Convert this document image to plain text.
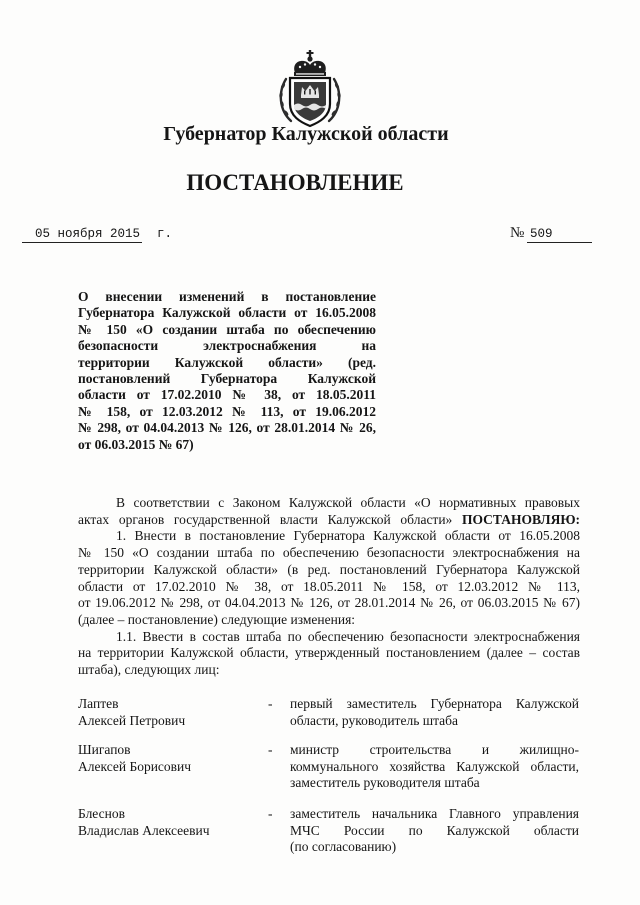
Губернатор Калужской области
ПОСТАНОВЛЕНИЕ
05 ноября 2015 г.	№ 509
О внесении изменений в постановление
Губернатора Калужской области от 16.05.2008
№ 150 «О создании штаба по обеспечению
безопасности электроснабжения на
территории Калужской области» (ред.
постановлений Губернатора Калужской
области от 17.02.2010 № 38, от 18.05.2011
№ 158, от 12.03.2012 № 113, от 19.06.2012
№ 298, от 04.04.2013 № 126, от 28.01.2014 № 26,
от 06.03.2015 № 67)
В соответствии с Законом Калужской области «О нормативных правовых
актах органов государственной власти Калужской области» ПОСТАНОВЛЯЮ:
1. Внести в постановление Губернатора Калужской области от 16.05.2008
№ 150 «О создании штаба по обеспечению безопасности электроснабжения на
территории Калужской области» (в ред. постановлений Губернатора Калужской
области от 17.02.2010 № 38, от 18.05.2011 № 158, от 12.03.2012 № 113,
от 19.06.2012 № 298, от 04.04.2013 № 126, от 28.01.2014 № 26, от 06.03.2015 № 67)
(далее – постановление) следующие изменения:
1.1. Ввести в состав штаба по обеспечению безопасности электроснабжения
на территории Калужской области, утвержденный постановлением (далее – состав
штаба), следующих лиц:
Лаптев
Алексей Петрович
- первый заместитель Губернатора Калужской
области, руководитель штаба
Шигапов
Алексей Борисович
- министр строительства и жилищно-
коммунального хозяйства Калужской области,
заместитель руководителя штаба
Блеснов
Владислав Алексеевич
- заместитель начальника Главного управления
МЧС России по Калужской области
(по согласованию)
